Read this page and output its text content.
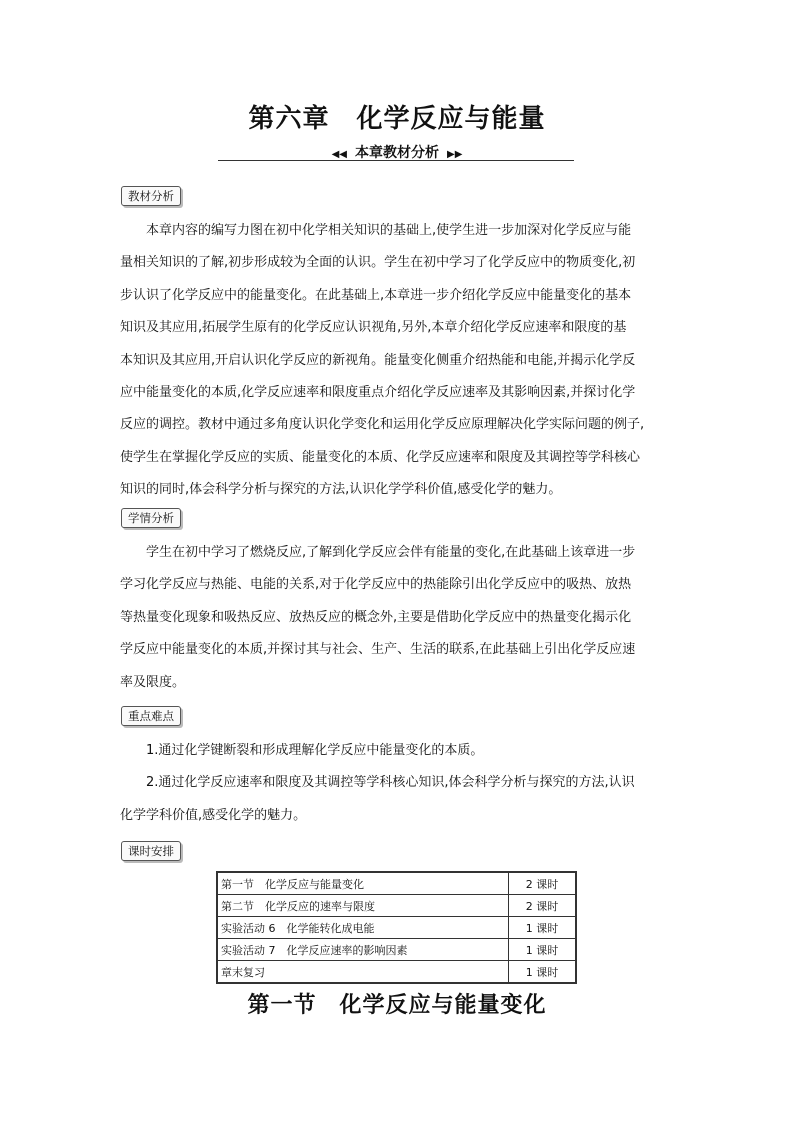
第六章　化学反应与能量
◀◀ 本章教材分析 ▶▶
教材分析
本章内容的编写力图在初中化学相关知识的基础上,使学生进一步加深对化学反应与能
量相关知识的了解,初步形成较为全面的认识。学生在初中学习了化学反应中的物质变化,初
步认识了化学反应中的能量变化。在此基础上,本章进一步介绍化学反应中能量变化的基本
知识及其应用,拓展学生原有的化学反应认识视角,另外,本章介绍化学反应速率和限度的基
本知识及其应用,开启认识化学反应的新视角。能量变化侧重介绍热能和电能,并揭示化学反
应中能量变化的本质,化学反应速率和限度重点介绍化学反应速率及其影响因素,并探讨化学
反应的调控。教材中通过多角度认识化学变化和运用化学反应原理解决化学实际问题的例子,
使学生在掌握化学反应的实质、能量变化的本质、化学反应速率和限度及其调控等学科核心
知识的同时,体会科学分析与探究的方法,认识化学学科价值,感受化学的魅力。
学情分析
学生在初中学习了燃烧反应,了解到化学反应会伴有能量的变化,在此基础上该章进一步
学习化学反应与热能、电能的关系,对于化学反应中的热能除引出化学反应中的吸热、放热
等热量变化现象和吸热反应、放热反应的概念外,主要是借助化学反应中的热量变化揭示化
学反应中能量变化的本质,并探讨其与社会、生产、生活的联系,在此基础上引出化学反应速
率及限度。
重点难点
1.通过化学键断裂和形成理解化学反应中能量变化的本质。
2.通过化学反应速率和限度及其调控等学科核心知识,体会科学分析与探究的方法,认识
化学学科价值,感受化学的魅力。
课时安排
第一节　化学反应与能量变化	2 课时
第二节　化学反应的速率与限度	2 课时
实验活动 6　化学能转化成电能	1 课时
实验活动 7　化学反应速率的影响因素	1 课时
章末复习	1 课时
第一节　化学反应与能量变化
